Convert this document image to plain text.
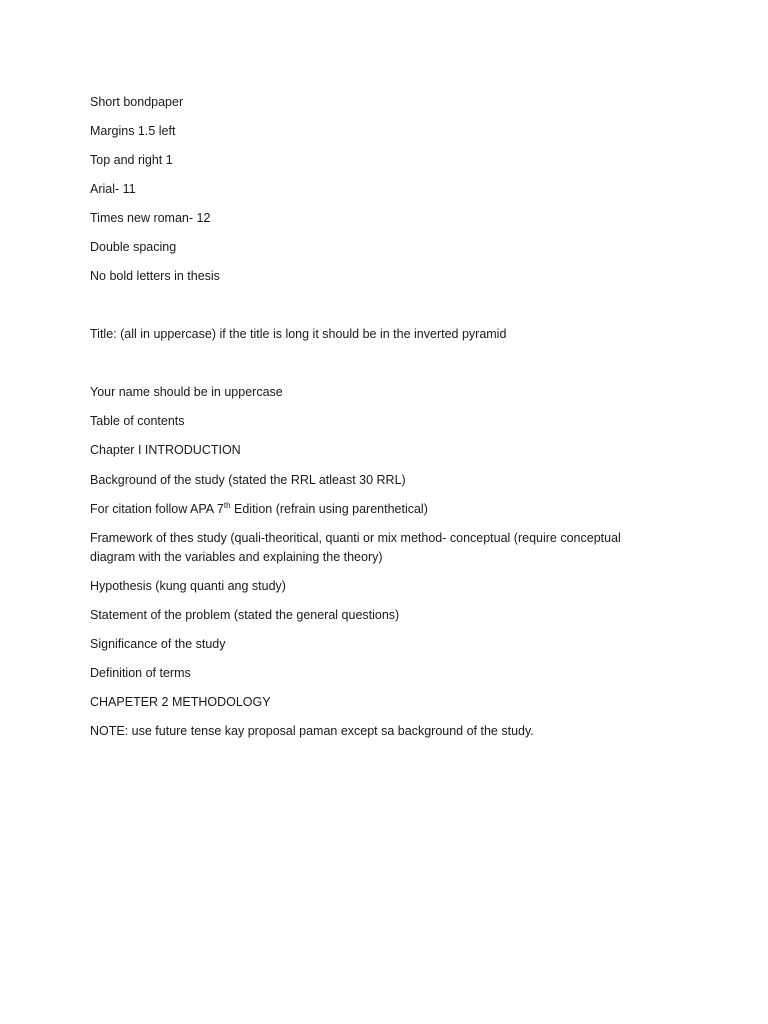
Short bondpaper

Margins 1.5 left

Top and right 1

Arial- 11

Times new roman- 12

Double spacing

No bold letters in thesis

Title: (all in uppercase) if the title is long it should be in the inverted pyramid

Your name should be in uppercase

Table of contents

Chapter I INTRODUCTION

Background of the study (stated the RRL atleast 30 RRL)

For citation follow APA 7th Edition (refrain using parenthetical)

Framework of thes study (quali-theoritical, quanti or mix method- conceptual (require conceptual diagram with the variables and explaining the theory)

Hypothesis (kung quanti ang study)

Statement of the problem (stated the general questions)

Significance of the study

Definition of terms

CHAPETER 2 METHODOLOGY

NOTE: use future tense kay proposal paman except sa background of the study.
